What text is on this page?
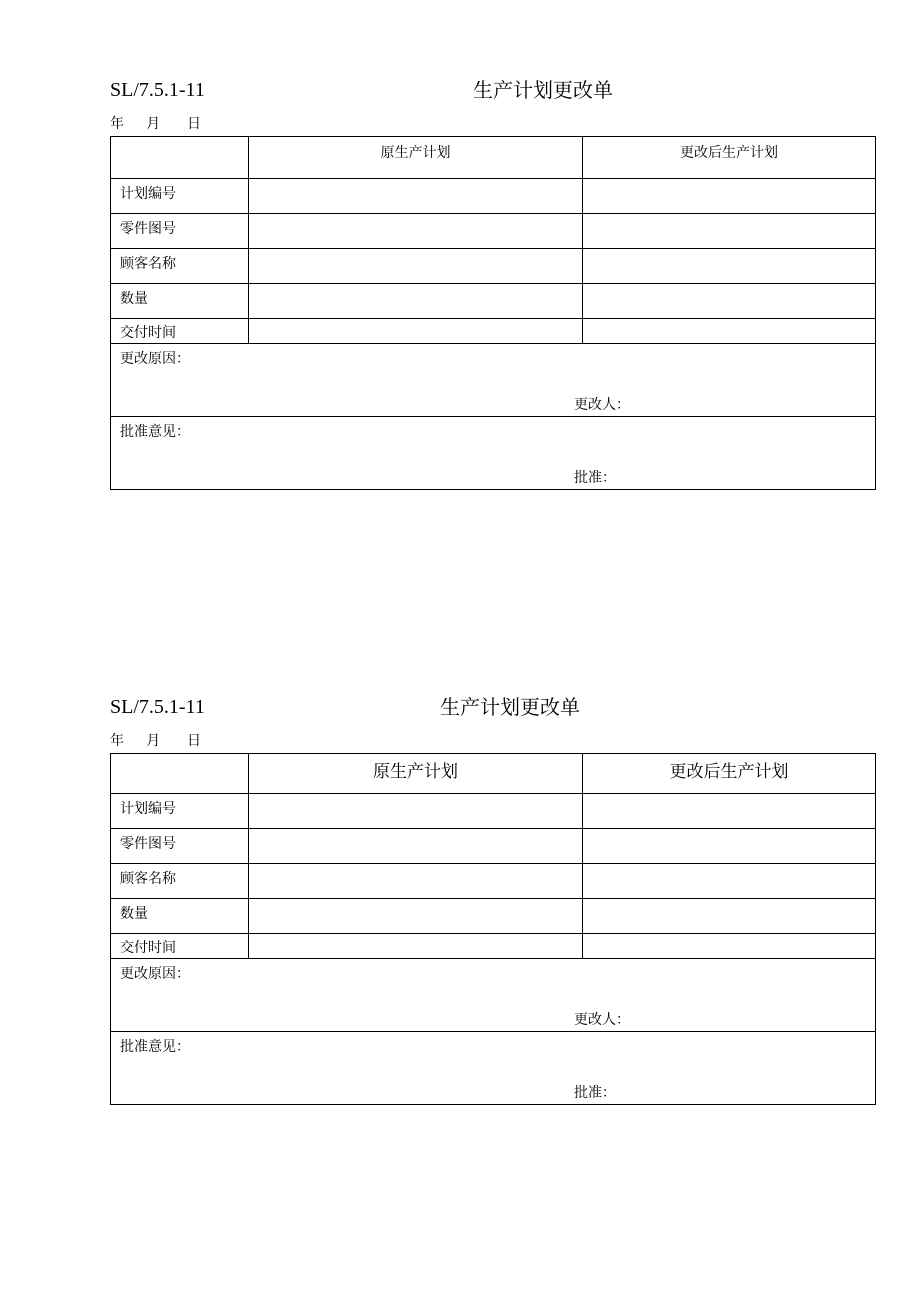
SL/7.5.1-11	生产计划更改单
年     月      日
	原生产计划	更改后生产计划
计划编号		
零件图号		
顾客名称		
数量		
交付时间		
更改原因：
更改人：		

批准意见：
批准：		
SL/7.5.1-11	生产计划更改单
年     月      日
	原生产计划	更改后生产计划
计划编号		
零件图号		
顾客名称		
数量		
交付时间		
更改原因：
更改人：		

批准意见：
批准：		
